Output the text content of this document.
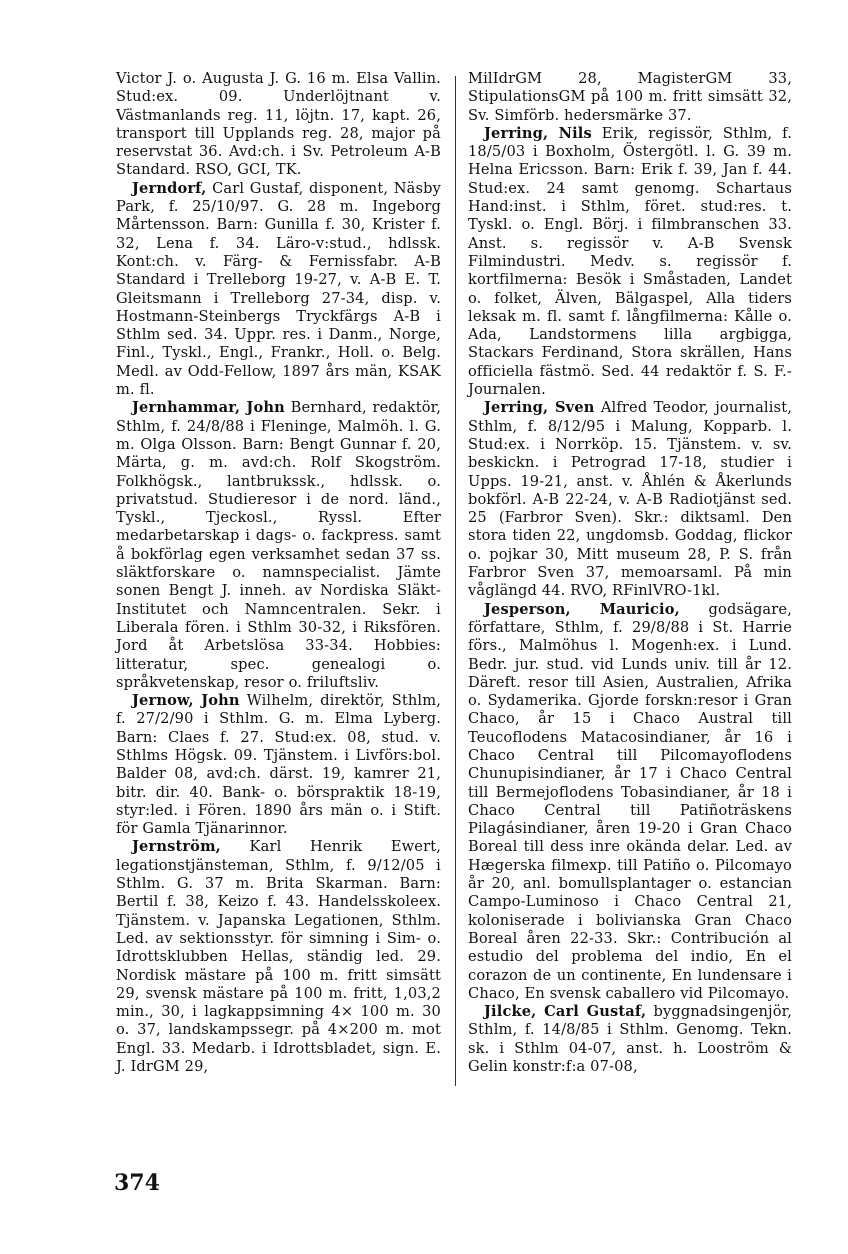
Victor J. o. Augusta J. G. 16 m. Elsa Vallin. Stud:ex. 09. Underlöjtnant v. Västmanlands reg. 11, löjtn. 17, kapt. 26, transport till Upplands reg. 28, major på reservstat 36. Avd:ch. i Sv. Petroleum A-B Standard. RSO, GCI, TK.

Jerndorf, Carl Gustaf, disponent, Näsby Park, f. 25/10/97. G. 28 m. Ingeborg Mårtensson. Barn: Gunilla f. 30, Krister f. 32, Lena f. 34. Läro-v:stud., hdlssk. Kont:ch. v. Färg- & Fernissfabr. A-B Standard i Trelleborg 19-27, v. A-B E. T. Gleitsmann i Trelleborg 27-34, disp. v. Hostmann-Steinbergs Tryckfärgs A-B i Sthlm sed. 34. Uppr. res. i Danm., Norge, Finl., Tyskl., Engl., Frankr., Holl. o. Belg. Medl. av Odd-Fellow, 1897 års män, KSAK m. fl.

Jernhammar, John Bernhard, redaktör, Sthlm, f. 24/8/88 i Fleninge, Malmöh. l. G. m. Olga Olsson. Barn: Bengt Gunnar f. 20, Märta, g. m. avd:ch. Rolf Skogström. Folkhögsk., lantbrukssk., hdlssk. o. privatstud. Studieresor i de nord. länd., Tyskl., Tjeckosl., Ryssl. Efter medarbetarskap i dags- o. fackpress. samt å bokförlag egen verksamhet sedan 37 ss. släktforskare o. namnspecialist. Jämte sonen Bengt J. inneh. av Nordiska Släkt-Institutet och Namncentralen. Sekr. i Liberala fören. i Sthlm 30-32, i Riksfören. Jord åt Arbetslösa 33-34. Hobbies: litteratur, spec. genealogi o. språkvetenskap, resor o. friluftsliv.

Jernow, John Wilhelm, direktör, Sthlm, f. 27/2/90 i Sthlm. G. m. Elma Lyberg. Barn: Claes f. 27. Stud:ex. 08, stud. v. Sthlms Högsk. 09. Tjänstem. i Livförs:bol. Balder 08, avd:ch. därst. 19, kamrer 21, bitr. dir. 40. Bank- o. börspraktik 18-19, styr:led. i Fören. 1890 års män o. i Stift. för Gamla Tjänarinnor.

Jernström, Karl Henrik Ewert, legationstjänsteman, Sthlm, f. 9/12/05 i Sthlm. G. 37 m. Brita Skarman. Barn: Bertil f. 38, Keizo f. 43. Handelsskoleex. Tjänstem. v. Japanska Legationen, Sthlm. Led. av sektionsstyr. för simning i Sim- o. Idrottsklubben Hellas, ständig led. 29. Nordisk mästare på 100 m. fritt simsätt 29, svensk mästare på 100 m. fritt, 1,03,2 min., 30, i lagkappsimning 4× 100 m. 30 o. 37, landskampssegr. på 4×200 m. mot Engl. 33. Medarb. i Idrottsbladet, sign. E. J. IdrGM 29,

MilIdrGM 28, MagisterGM 33, StipulationsGM på 100 m. fritt simsätt 32, Sv. Simförb. hedersmärke 37.

Jerring, Nils Erik, regissör, Sthlm, f. 18/5/03 i Boxholm, Östergötl. l. G. 39 m. Helna Ericsson. Barn: Erik f. 39, Jan f. 44. Stud:ex. 24 samt genomg. Schartaus Hand:inst. i Sthlm, föret. stud:res. t. Tyskl. o. Engl. Börj. i filmbranschen 33. Anst. s. regissör v. A-B Svensk Filmindustri. Medv. s. regissör f. kortfilmerna: Besök i Småstaden, Landet o. folket, Älven, Bälgaspel, Alla tiders leksak m. fl. samt f. långfilmerna: Kålle o. Ada, Landstormens lilla argbigga, Stackars Ferdinand, Stora skrällen, Hans officiella fästmö. Sed. 44 redaktör f. S. F.-Journalen.

Jerring, Sven Alfred Teodor, journalist, Sthlm, f. 8/12/95 i Malung, Kopparb. l. Stud:ex. i Norrköp. 15. Tjänstem. v. sv. beskickn. i Petrograd 17-18, studier i Upps. 19-21, anst. v. Åhlén & Åkerlunds bokförl. A-B 22-24, v. A-B Radiotjänst sed. 25 (Farbror Sven). Skr.: diktsaml. Den stora tiden 22, ungdomsb. Goddag, flickor o. pojkar 30, Mitt museum 28, P. S. från Farbror Sven 37, memoarsaml. På min våglängd 44. RVO, RFinlVRO-1kl.

Jesperson, Mauricio, godsägare, författare, Sthlm, f. 29/8/88 i St. Harrie förs., Malmöhus l. Mogenh:ex. i Lund. Bedr. jur. stud. vid Lunds univ. till år 12. Däreft. resor till Asien, Australien, Afrika o. Sydamerika. Gjorde forskn:resor i Gran Chaco, år 15 i Chaco Austral till Teucoflodens Matacosindianer, år 16 i Chaco Central till Pilcomayoflodens Chunupisindianer, år 17 i Chaco Central till Bermejoflodens Tobasindianer, år 18 i Chaco Central till Patiñoträskens Pilagásindianer, åren 19-20 i Gran Chaco Boreal till dess inre okända delar. Led. av Hægerska filmexp. till Patiño o. Pilcomayo år 20, anl. bomullsplantager o. estancian Campo-Luminoso i Chaco Central 21, koloniserade i bolivianska Gran Chaco Boreal åren 22-33. Skr.: Contribución al estudio del problema del indio, En el corazon de un continente, En lundensare i Chaco, En svensk caballero vid Pilcomayo.

Jilcke, Carl Gustaf, byggnadsingenjör, Sthlm, f. 14/8/85 i Sthlm. Genomg. Tekn. sk. i Sthlm 04-07, anst. h. Looström & Gelin konstr:f:a 07-08,

374
